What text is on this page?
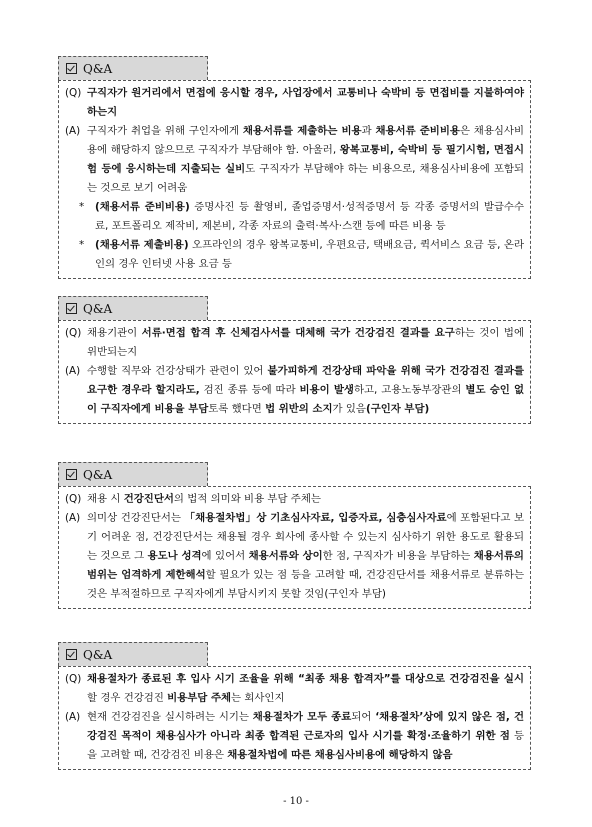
Q&A
(Q) 구직자가 원거리에서 면접에 응시할 경우, 사업장에서 교통비나 숙박비 등 면접비를 지불하여야 하는지
(A) 구직자가 취업을 위해 구인자에게 채용서류를 제출하는 비용과 채용서류 준비비용은 채용심사비용에 해당하지 않으므로 구직자가 부담해야 함. 아울러, 왕복교통비, 숙박비 등 필기시험, 면접시험 등에 응시하는데 지출되는 실비도 구직자가 부담해야 하는 비용으로, 채용심사비용에 포함되는 것으로 보기 어려움
*	(채용서류 준비비용) 증명사진 등 촬영비, 졸업증명서·성적증명서 등 각종 증명서의 발급수수료, 포트폴리오 제작비, 제본비, 각종 자료의 출력·복사·스캔 등에 따른 비용 등
*	(채용서류 제출비용) 오프라인의 경우 왕복교통비, 우편요금, 택배요금, 퀵서비스 요금 등, 온라인의 경우 인터넷 사용 요금 등
Q&A
(Q) 채용기관이 서류·면접 합격 후 신체검사서를 대체해 국가 건강검진 결과를 요구하는 것이 법에 위반되는지
(A) 수행할 직무와 건강상태가 관련이 있어 불가피하게 건강상태 파악을 위해 국가 건강검진 결과를 요구한 경우라 할지라도, 검진 종류 등에 따라 비용이 발생하고, 고용노동부장관의 별도 승인 없이 구직자에게 비용을 부담토록 했다면 법 위반의 소지가 있음(구인자 부담)
Q&A
(Q) 채용 시 건강진단서의 법적 의미와 비용 부담 주체는
(A) 의미상 건강진단서는 「채용절차법」상 기초심사자료, 입증자료, 심층심사자료에 포함된다고 보기 어려운 점, 건강진단서는 채용될 경우 회사에 종사할 수 있는지 심사하기 위한 용도로 활용되는 것으로 그 용도나 성격에 있어서 채용서류와 상이한 점, 구직자가 비용을 부담하는 채용서류의 범위는 엄격하게 제한해석할 필요가 있는 점 등을 고려할 때, 건강진단서를 채용서류로 분류하는 것은 부적절하므로 구직자에게 부담시키지 못할 것임(구인자 부담)
Q&A
(Q) 채용절차가 종료된 후 입사 시기 조율을 위해 “최종 채용 합격자”를 대상으로 건강검진을 실시할 경우 건강검진 비용부담 주체는 회사인지
(A) 현재 건강검진을 실시하려는 시기는 채용절차가 모두 종료되어 ‘채용절차’상에 있지 않은 점, 건강검진 목적이 채용심사가 아니라 최종 합격된 근로자의 입사 시기를 확정·조율하기 위한 점 등을 고려할 때, 건강검진 비용은 채용절차법에 따른 채용심사비용에 해당하지 않음
- 10 -
